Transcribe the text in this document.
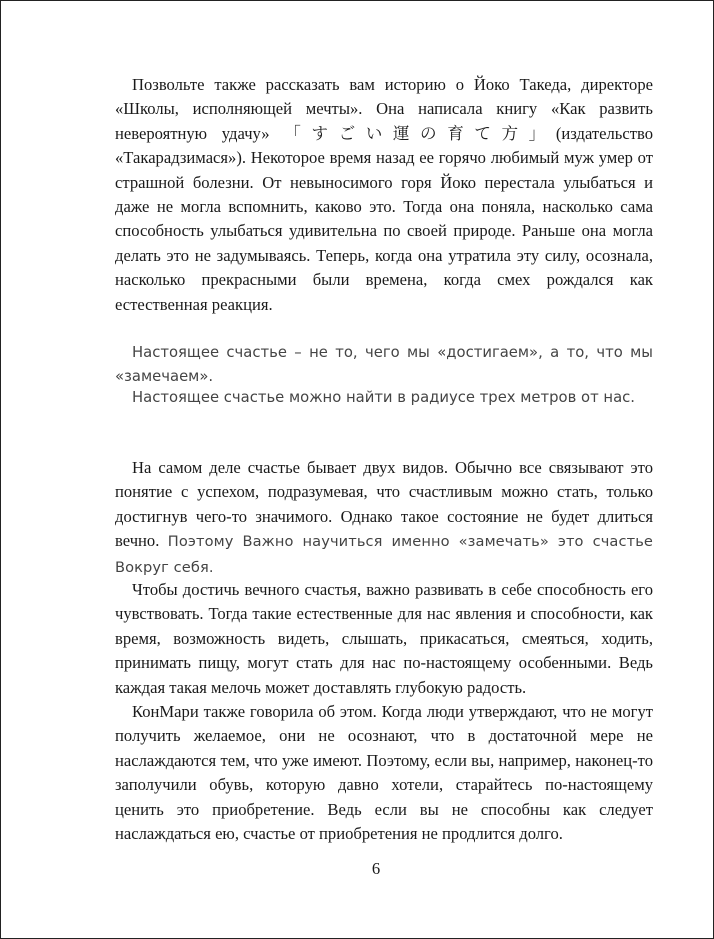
Позвольте также рассказать вам историю о Йоко Такеда, директоре «Школы, исполняющей мечты». Она написала книгу «Как развить невероятную удачу» 「すごい運の育て方」(издательство «Такарадзимася»). Некоторое время назад ее горячо любимый муж умер от страшной болезни. От невыносимого горя Йоко перестала улыбаться и даже не могла вспомнить, каково это. Тогда она поняла, насколько сама способность улыбаться удивительна по своей природе. Раньше она могла делать это не задумываясь. Теперь, когда она утратила эту силу, осознала, насколько прекрасными были времена, когда смех рождался как естественная реакция.

Настоящее счастье – не то, чего мы «достигаем», а то, что мы «замечаем».

Настоящее счастье можно найти в радиусе трех метров от нас.

На самом деле счастье бывает двух видов. Обычно все связывают это понятие с успехом, подразумевая, что счастливым можно стать, только достигнув чего-то значимого. Однако такое состояние не будет длиться вечно. Поэтому Важно научиться именно «замечать» это счастье Вокруг себя.

Чтобы достичь вечного счастья, важно развивать в себе способность его чувствовать. Тогда такие естественные для нас явления и способности, как время, возможность видеть, слышать, прикасаться, смеяться, ходить, принимать пищу, могут стать для нас по-настоящему особенными. Ведь каждая такая мелочь может доставлять глубокую радость.

КонМари также говорила об этом. Когда люди утверждают, что не могут получить желаемое, они не осознают, что в достаточной мере не наслаждаются тем, что уже имеют. Поэтому, если вы, например, наконец-то заполучили обувь, которую давно хотели, старайтесь по-настоящему ценить это приобретение. Ведь если вы не способны как следует наслаждаться ею, счастье от приобретения не продлится долго.

6
